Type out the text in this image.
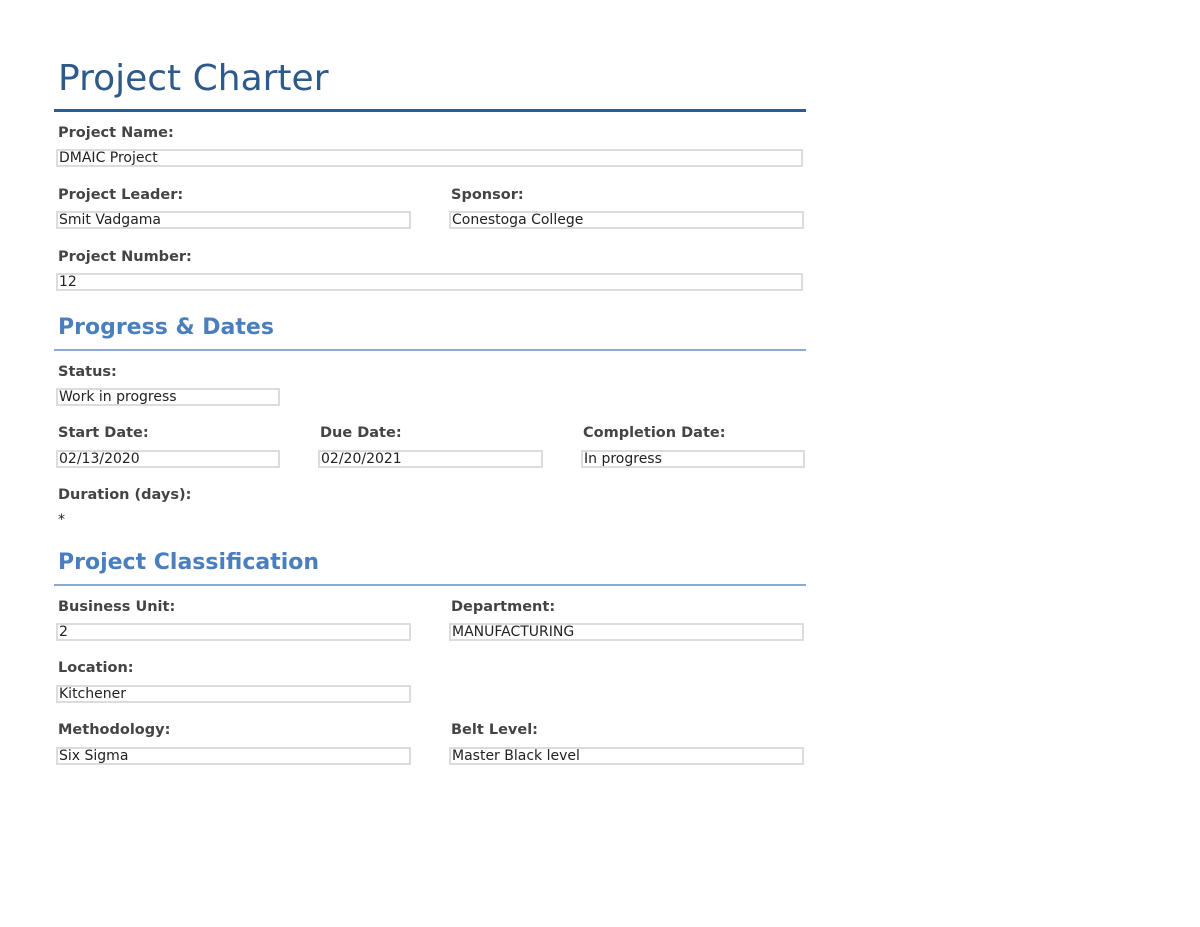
Project Charter
Project Name:
DMAIC Project
Project Leader:
Smit Vadgama
Sponsor:
Conestoga College
Project Number:
12
Progress & Dates
Status:
Work in progress
Start Date:
02/13/2020
Due Date:
02/20/2021
Completion Date:
In progress
Duration (days):
*
Project Classification
Business Unit:
2
Department:
MANUFACTURING
Location:
Kitchener
Methodology:
Six Sigma
Belt Level:
Master Black level
